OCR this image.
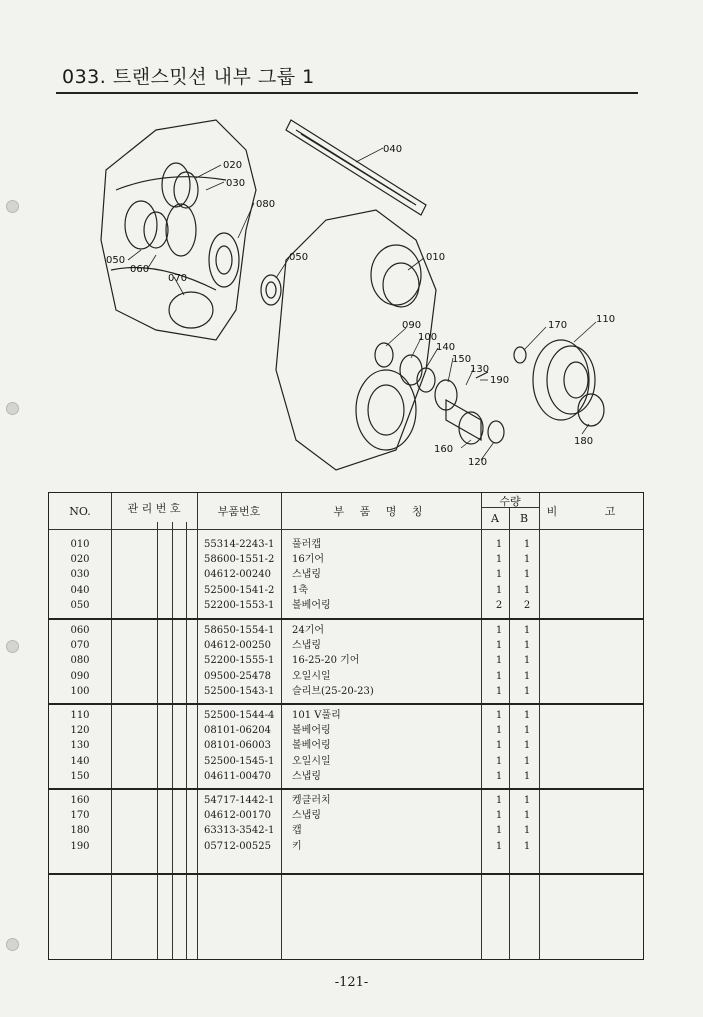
033. 트랜스밋션 내부 그룹 1
040
020
030
080
050
060
070
050	010
090
100
140
150
130
190
160
120
170
110
180
NO.	관 리 번 호	부품번호	부 품 명 칭
수량
A	B
비 고
010	55314-2243-1 풀러캡	1	1
020	58600-1551-2 16기어	1	1
030	04612-00240 스냅링	1	1
040	52500-1541-2 1축	1	1
050	52200-1553-1 볼베어링	2	2
060	58650-1554-1 24기어	1	1
070	04612-00250 스냅링	1	1
080	52200-1555-1 16-25-20 기어	1	1
090	09500-25478 오일시일	1	1
100	52500-1543-1 슬리브(25-20-23)	1	1
110	52500-1544-4 101 V풀리	1	1
120	08101-06204 볼베어링	1	1
130	08101-06003 볼베어링	1	1
140	52500-1545-1 오일시일	1	1
150	04611-00470 스냅링	1	1
160	54717-1442-1 켕클러치	1	1
170	04612-00170 스냅링	1	1
180	63313-3542-1 캡	1	1
190	05712-00525 키	1	1
-121-
